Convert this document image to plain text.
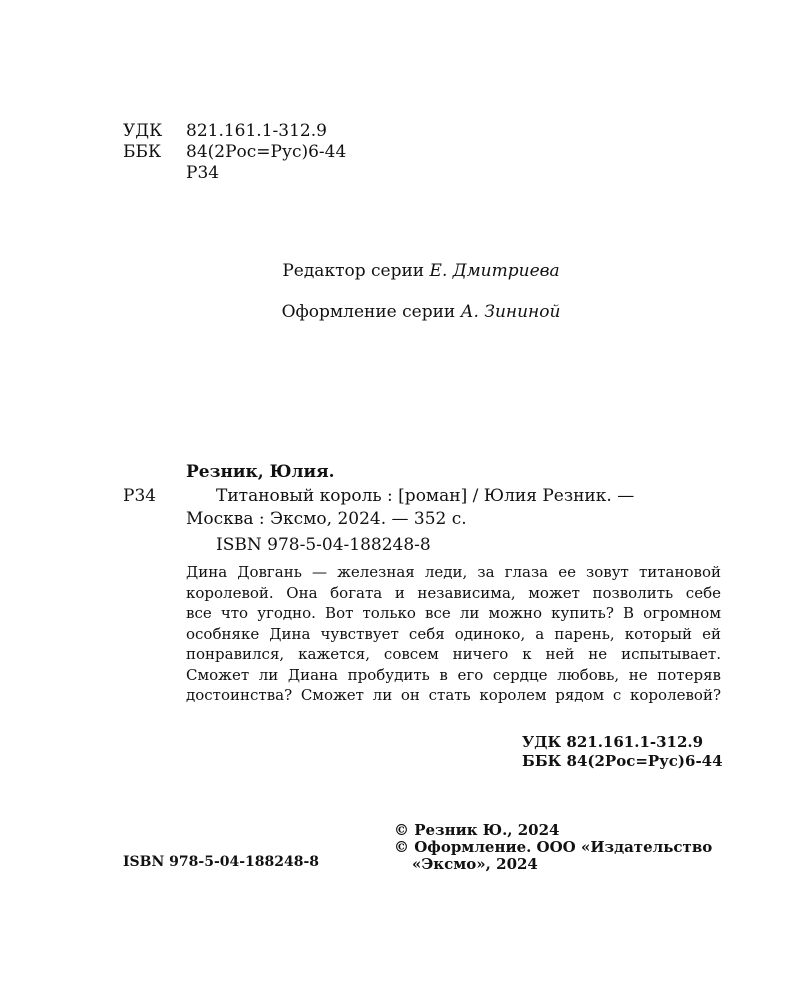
УДК 821.161.1-312.9
ББК 84(2Рос=Рус)6-44
Р34
Редактор серии Е. Дмитриева
Оформление серии А. Зининой
Резник, Юлия.
Р34	Титановый король : [роман] / Юлия Резник. —
Москва : Эксмо, 2024. — 352 с.
ISBN 978-5-04-188248-8
Дина Довгань — железная леди, за глаза ее зовут титановой
королевой. Она богата и независима, может позволить себе
все что угодно. Вот только все ли можно купить? В огромном
особняке Дина чувствует себя одиноко, а парень, который ей
понравился, кажется, совсем ничего к ней не испытывает.
Сможет ли Диана пробудить в его сердце любовь, не потеряв
достоинства? Сможет ли он стать королем рядом с королевой?
УДК 821.161.1-312.9
ББК 84(2Рос=Рус)6-44
© Резник Ю., 2024
© Оформление. ООО «Издательство
«Эксмо», 2024
ISBN 978-5-04-188248-8
